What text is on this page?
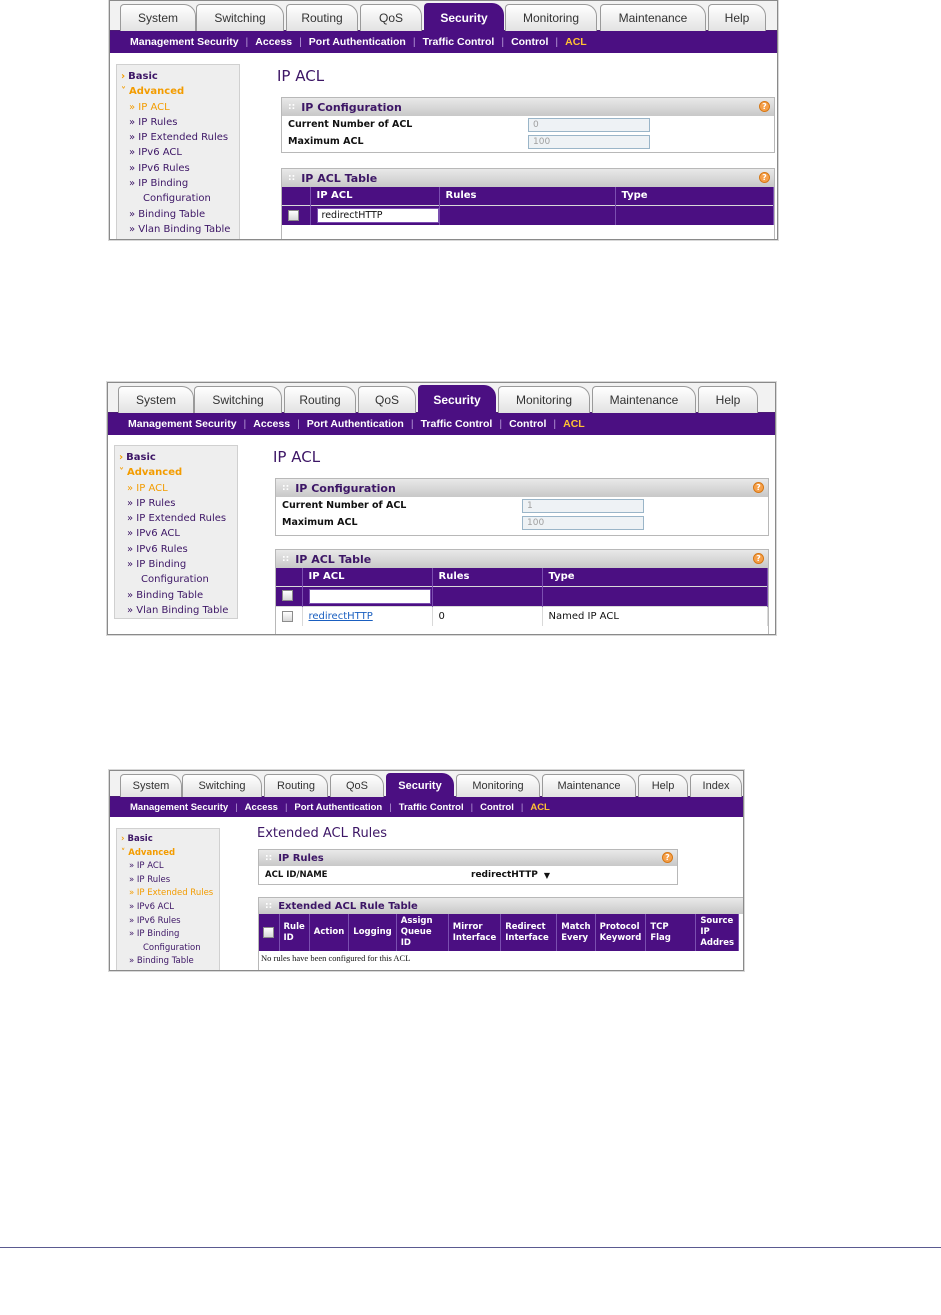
System	Switching	Routing	QoS	Security	Monitoring	Maintenance	Help
Management Security | Access | Port Authentication | Traffic Control | Control | ACL
› Basic
˅ Advanced
» IP ACL
» IP Rules
» IP Extended Rules
» IPv6 ACL
» IPv6 Rules
» IP Binding
Configuration
» Binding Table
» Vlan Binding Table
IP ACL
:: IP Configuration	?
Current Number of ACL
0
Maximum ACL
100
:: IP ACL Table	?
	IP ACL	Rules	Type
	redirectHTTP		
System	Switching	Routing	QoS	Security	Monitoring	Maintenance	Help
Management Security | Access | Port Authentication | Traffic Control | Control | ACL
› Basic
˅ Advanced
» IP ACL
» IP Rules
» IP Extended Rules
» IPv6 ACL
» IPv6 Rules
» IP Binding
Configuration
» Binding Table
» Vlan Binding Table
IP ACL
:: IP Configuration	?
Current Number of ACL
1
Maximum ACL
100
:: IP ACL Table	?
	IP ACL	Rules	Type

	redirectHTTP	0	Named IP ACL
System	Switching	Routing	QoS	Security	Monitoring	Maintenance	Help	Index
Management Security | Access | Port Authentication | Traffic Control | Control | ACL
› Basic
˅ Advanced
» IP ACL
» IP Rules
» IP Extended Rules
» IPv6 ACL
» IPv6 Rules
» IP Binding
Configuration
» Binding Table
Extended ACL Rules
:: IP Rules	?
ACL ID/NAME	redirectHTTP ▼
:: Extended ACL Rule Table
	Rule ID	Action	Logging	Assign Queue ID	Mirror Interface	Redirect Interface	Match Every	Protocol Keyword	TCP Flag	Source IP Addres
No rules have been configured for this ACL
